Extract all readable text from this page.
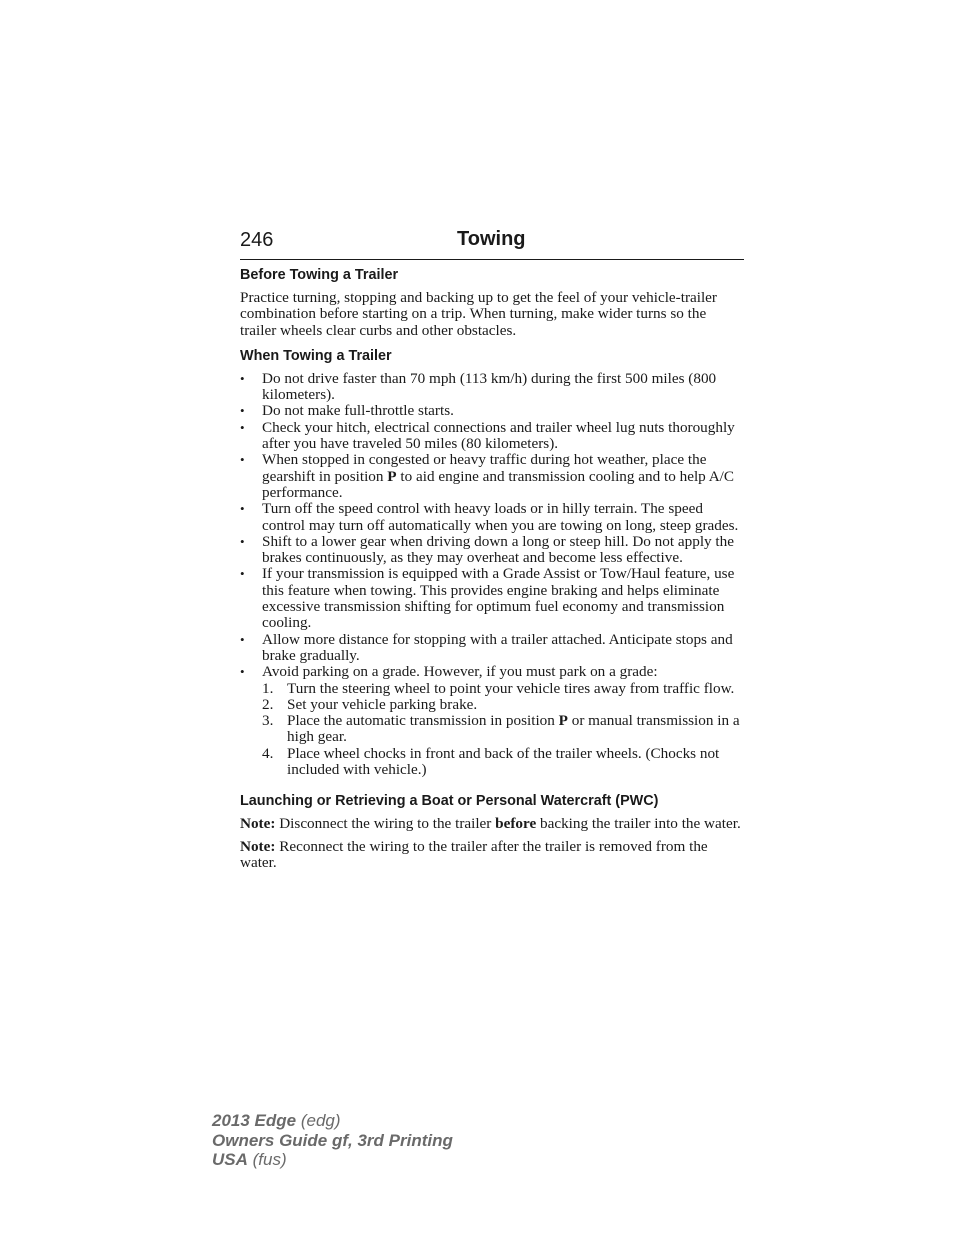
246	Towing
Before Towing a Trailer

Practice turning, stopping and backing up to get the feel of your vehicle-trailer combination before starting on a trip. When turning, make wider turns so the trailer wheels clear curbs and other obstacles.

When Towing a Trailer
•	Do not drive faster than 70 mph (113 km/h) during the first 500 miles (800 kilometers).
•	Do not make full-throttle starts.
•	Check your hitch, electrical connections and trailer wheel lug nuts thoroughly after you have traveled 50 miles (80 kilometers).
•	When stopped in congested or heavy traffic during hot weather, place the gearshift in position P to aid engine and transmission cooling and to help A/C performance.
•	Turn off the speed control with heavy loads or in hilly terrain. The speed control may turn off automatically when you are towing on long, steep grades.
•	Shift to a lower gear when driving down a long or steep hill. Do not apply the brakes continuously, as they may overheat and become less effective.
•	If your transmission is equipped with a Grade Assist or Tow/Haul feature, use this feature when towing. This provides engine braking and helps eliminate excessive transmission shifting for optimum fuel economy and transmission cooling.
•	Allow more distance for stopping with a trailer attached. Anticipate stops and brake gradually.
•	Avoid parking on a grade. However, if you must park on a grade:
1. Turn the steering wheel to point your vehicle tires away from traffic flow.
2. Set your vehicle parking brake.
3. Place the automatic transmission in position P or manual transmission in a high gear.
4. Place wheel chocks in front and back of the trailer wheels. (Chocks not included with vehicle.)
Launching or Retrieving a Boat or Personal Watercraft (PWC)

Note: Disconnect the wiring to the trailer before backing the trailer into the water.

Note: Reconnect the wiring to the trailer after the trailer is removed from the water.

2013 Edge (edg)
Owners Guide gf, 3rd Printing
USA (fus)
